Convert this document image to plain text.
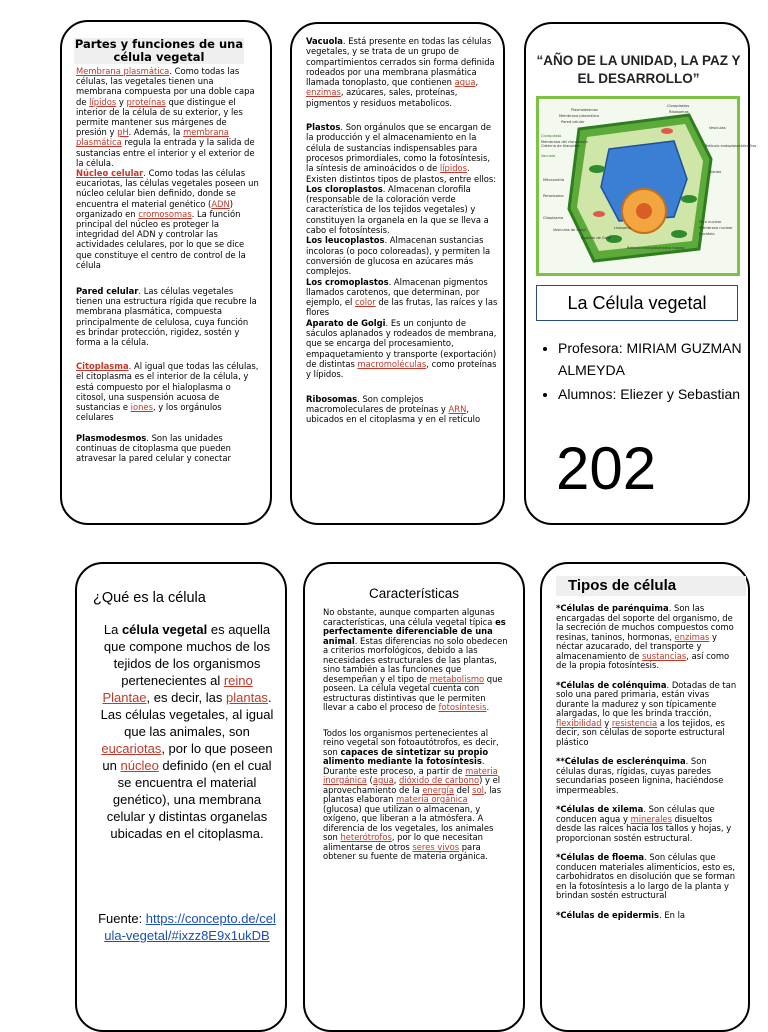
Partes y funciones de una célula vegetal

Membrana plasmática. Como todas las células, las vegetales tienen una membrana compuesta por una doble capa de lípidos y proteínas que distingue el interior de la célula de su exterior, y les permite mantener sus márgenes de presión y pH. Además, la membrana plasmática regula la entrada y la salida de sustancias entre el interior y el exterior de la célula.
Núcleo celular. Como todas las células eucariotas, las células vegetales poseen un núcleo celular bien definido, donde se encuentra el material genético (ADN) organizado en cromosomas. La función principal del núcleo es proteger la integridad del ADN y controlar las actividades celulares, por lo que se dice que constituye el centro de control de la célula

Pared celular. Las células vegetales tienen una estructura rígida que recubre la membrana plasmática, compuesta principalmente de celulosa, cuya función es brindar protección, rigidez, sostén y forma a la célula.

Citoplasma. Al igual que todas las células, el citoplasma es el interior de la célula, y está compuesto por el hialoplasma o citosol, una suspensión acuosa de sustancias e iones, y los orgánulos celulares

Plasmodesmos. Son las unidades continuas de citoplasma que pueden atravesar la pared celular y conectar

Vacuola. Está presente en todas las células vegetales, y se trata de un grupo de compartimientos cerrados sin forma definida rodeados por una membrana plasmática llamada tonoplasto, que contienen agua, enzimas, azúcares, sales, proteínas, pigmentos y residuos metabolicos.

Plastos. Son orgánulos que se encargan de la producción y el almacenamiento en la célula de sustancias indispensables para procesos primordiales, como la fotosíntesis, la síntesis de aminoácidos o de lípidos. Existen distintos tipos de plastos, entre ellos:
Los cloroplastos. Almacenan clorofila (responsable de la coloración verde característica de los tejidos vegetales) y constituyen la organela en la que se lleva a cabo el fotosíntesis.
Los leucoplastos. Almacenan sustancias incoloras (o poco coloreadas), y permiten la conversión de glucosa en azúcares más complejos.
Los cromoplastos. Almacenan pigmentos llamados carotenos, que determinan, por ejemplo, el color de las frutas, las raíces y las flores
Aparato de Golgi. Es un conjunto de sáculos aplanados y rodeados de membrana, que se encarga del procesamiento, empaquetamiento y transporte (exportación) de distintas macromoléculas, como proteínas y lípidos.

Ribosomas. Son complejos macromoleculares de proteínas y ARN, ubicados en el citoplasma y en el retículo

“AÑO DE LA UNIDAD, LA PAZ Y EL DESARROLLO”
Plasmodesmos
Membrana plasmática
Pared celular
Cloroplasto
Membrana del cloroplasto
Cisterna de tilacoides
Vacuola
Mitocondria
Peroxisoma
Citoplasma
Vesículas de Golgi
Aparato de Golgi
Lisosoma
Retículo endoplasmático rugoso
Cloroplastos
Ribosomas
Vesículas
Retículo endoplasmático liso
Núcleo
Poro nuclear
Membrana nuclear
Nucléolo
La Célula vegetal
• Profesora: MIRIAM GUZMAN ALMEYDA
• Alumnos: Eliezer y Sebastian
202
¿Qué es la célula
La célula vegetal es aquella que compone muchos de los tejidos de los organismos pertenecientes al reino Plantae, es decir, las plantas. Las células vegetales, al igual que las animales, son eucariotas, por lo que poseen un núcleo definido (en el cual se encuentra el material genético), una membrana celular y distintas organelas ubicadas en el citoplasma.
Fuente: https://concepto.de/celula-vegetal/#ixzz8E9x1ukDB
Características

No obstante, aunque comparten algunas características, una célula vegetal típica es perfectamente diferenciable de una animal. Estas diferencias no solo obedecen a criterios morfológicos, debido a las necesidades estructurales de las plantas, sino también a las funciones que desempeñan y el tipo de metabolismo que poseen. La célula vegetal cuenta con estructuras distintivas que le permiten llevar a cabo el proceso de fotosíntesis.

Todos los organismos pertenecientes al reino vegetal son fotoautótrofos, es decir, son capaces de sintetizar su propio alimento mediante la fotosíntesis. Durante este proceso, a partir de materia inorgánica (agua, dióxido de carbono) y el aprovechamiento de la energía del sol, las plantas elaboran materia orgánica (glucosa) que utilizan o almacenan, y oxígeno, que liberan a la atmósfera. A diferencia de los vegetales, los animales son heterótrofos, por lo que necesitan alimentarse de otros seres vivos para obtener su fuente de materia orgánica.

Tipos de célula

*Células de parénquima. Son las encargadas del soporte del organismo, de la secreción de muchos compuestos como resinas, taninos, hormonas, enzimas y néctar azucarado, del transporte y almacenamiento de sustancias, así como de la propia fotosíntesis.

*Células de colénquima. Dotadas de tan solo una pared primaria, están vivas durante la madurez y son típicamente alargadas, lo que les brinda tracción, flexibilidad y resistencia a los tejidos, es decir, son células de soporte estructural plástico

**Células de esclerénquima. Son células duras, rígidas, cuyas paredes secundarias poseen lignina, haciéndose impermeables.

*Células de xilema. Son células que conducen agua y minerales disueltos desde las raíces hacia los tallos y hojas, y proporcionan sostén estructural.

*Células de floema. Son células que conducen materiales alimenticios, esto es, carbohidratos en disolución que se forman en la fotosíntesis a lo largo de la planta y brindan sostén estructural

*Células de epidermis. En la
